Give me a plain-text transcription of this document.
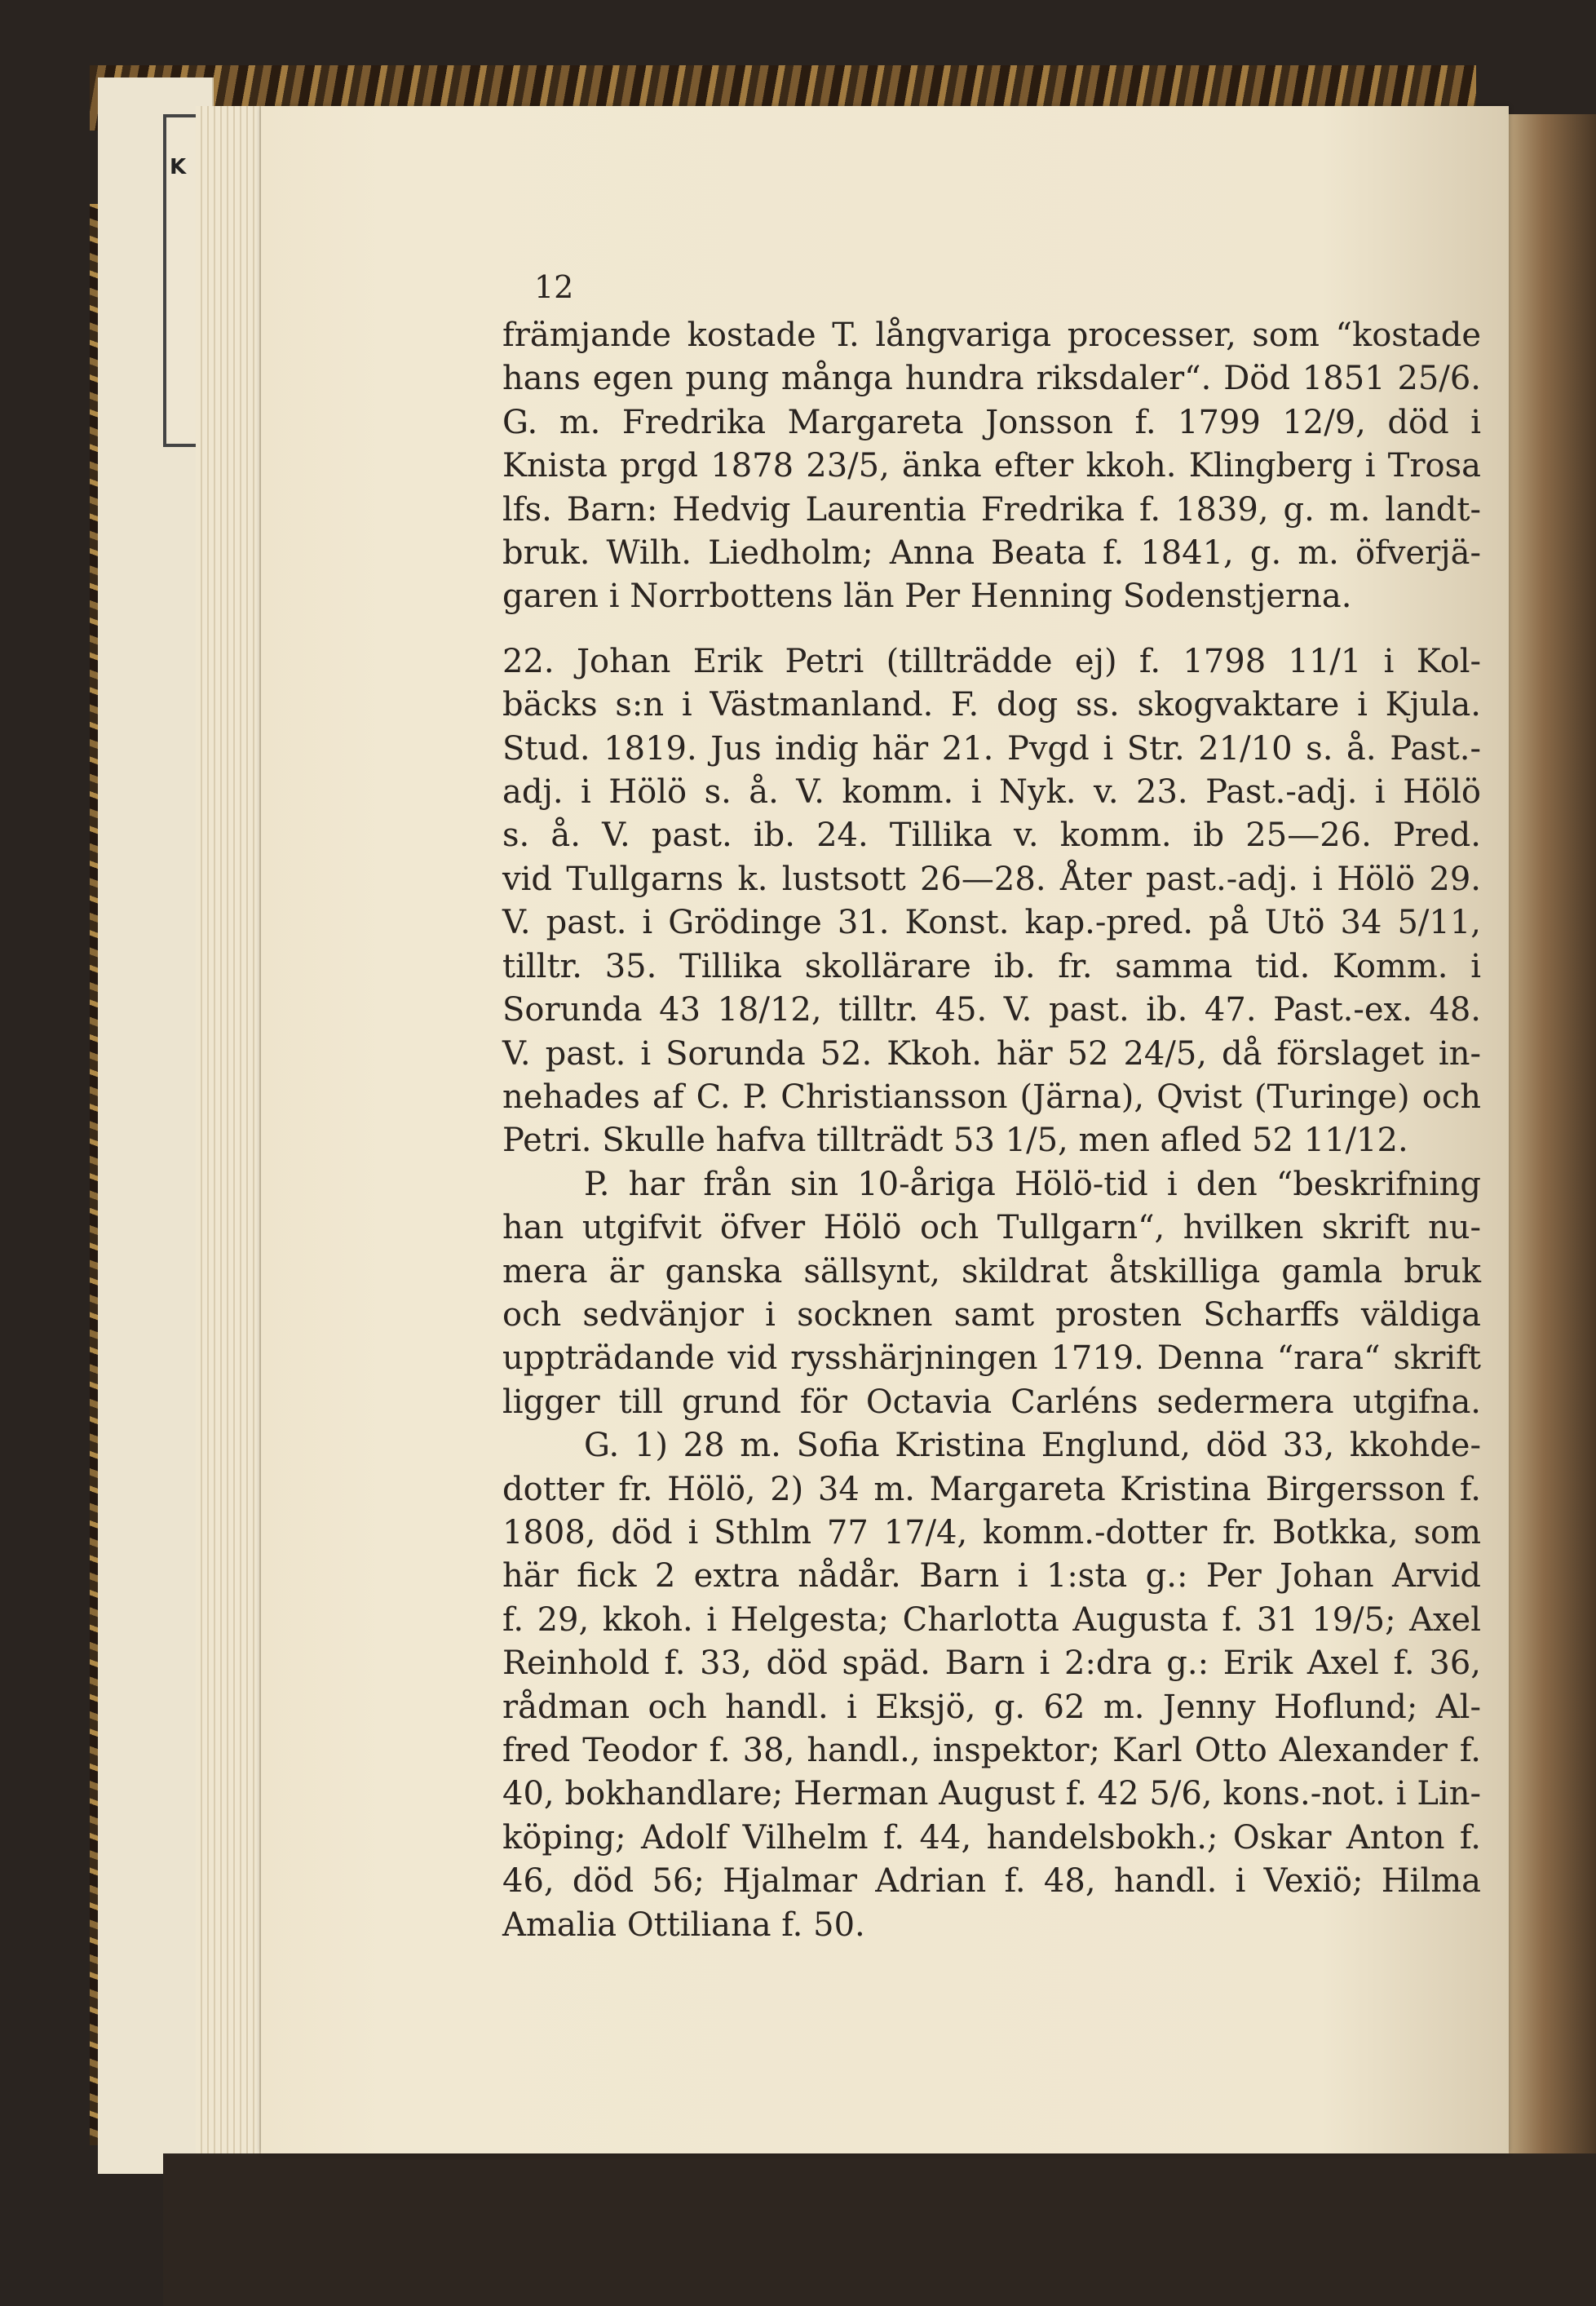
K
12
främjande kostade T. långvariga processer, som “kostade
hans egen pung många hundra riksdaler“. Död 1851 25/6.
G. m. Fredrika Margareta Jonsson f. 1799 12/9, död i
Knista prgd 1878 23/5, änka efter kkoh. Klingberg i Trosa
lfs. Barn: Hedvig Laurentia Fredrika f. 1839, g. m. landt-
bruk. Wilh. Liedholm; Anna Beata f. 1841, g. m. öfverjä-
garen i Norrbottens län Per Henning Sodenstjerna.
22. Johan Erik Petri (tillträdde ej) f. 1798 11/1 i Kol-
bäcks s:n i Västmanland. F. dog ss. skogvaktare i Kjula.
Stud. 1819. Jus indig här 21. Pvgd i Str. 21/10 s. å. Past.-
adj. i Hölö s. å. V. komm. i Nyk. v. 23. Past.-adj. i Hölö
s. å. V. past. ib. 24. Tillika v. komm. ib 25—26. Pred.
vid Tullgarns k. lustsott 26—28. Åter past.-adj. i Hölö 29.
V. past. i Grödinge 31. Konst. kap.-pred. på Utö 34 5/11,
tilltr. 35. Tillika skollärare ib. fr. samma tid. Komm. i
Sorunda 43 18/12, tilltr. 45. V. past. ib. 47. Past.-ex. 48.
V. past. i Sorunda 52. Kkoh. här 52 24/5, då förslaget in-
nehades af C. P. Christiansson (Järna), Qvist (Turinge) och
Petri. Skulle hafva tillträdt 53 1/5, men afled 52 11/12.
P. har från sin 10-åriga Hölö-tid i den “beskrifning
han utgifvit öfver Hölö och Tullgarn“, hvilken skrift nu-
mera är ganska sällsynt, skildrat åtskilliga gamla bruk
och sedvänjor i socknen samt prosten Scharffs väldiga
uppträdande vid rysshärjningen 1719. Denna “rara“ skrift
ligger till grund för Octavia Carléns sedermera utgifna.
G. 1) 28 m. Sofia Kristina Englund, död 33, kkohde-
dotter fr. Hölö, 2) 34 m. Margareta Kristina Birgersson f.
1808, död i Sthlm 77 17/4, komm.-dotter fr. Botkka, som
här fick 2 extra nådår. Barn i 1:sta g.: Per Johan Arvid
f. 29, kkoh. i Helgesta; Charlotta Augusta f. 31 19/5; Axel
Reinhold f. 33, död späd. Barn i 2:dra g.: Erik Axel f. 36,
rådman och handl. i Eksjö, g. 62 m. Jenny Hoflund; Al-
fred Teodor f. 38, handl., inspektor; Karl Otto Alexander f.
40, bokhandlare; Herman August f. 42 5/6, kons.-not. i Lin-
köping; Adolf Vilhelm f. 44, handelsbokh.; Oskar Anton f.
46, död 56; Hjalmar Adrian f. 48, handl. i Vexiö; Hilma
Amalia Ottiliana f. 50.
